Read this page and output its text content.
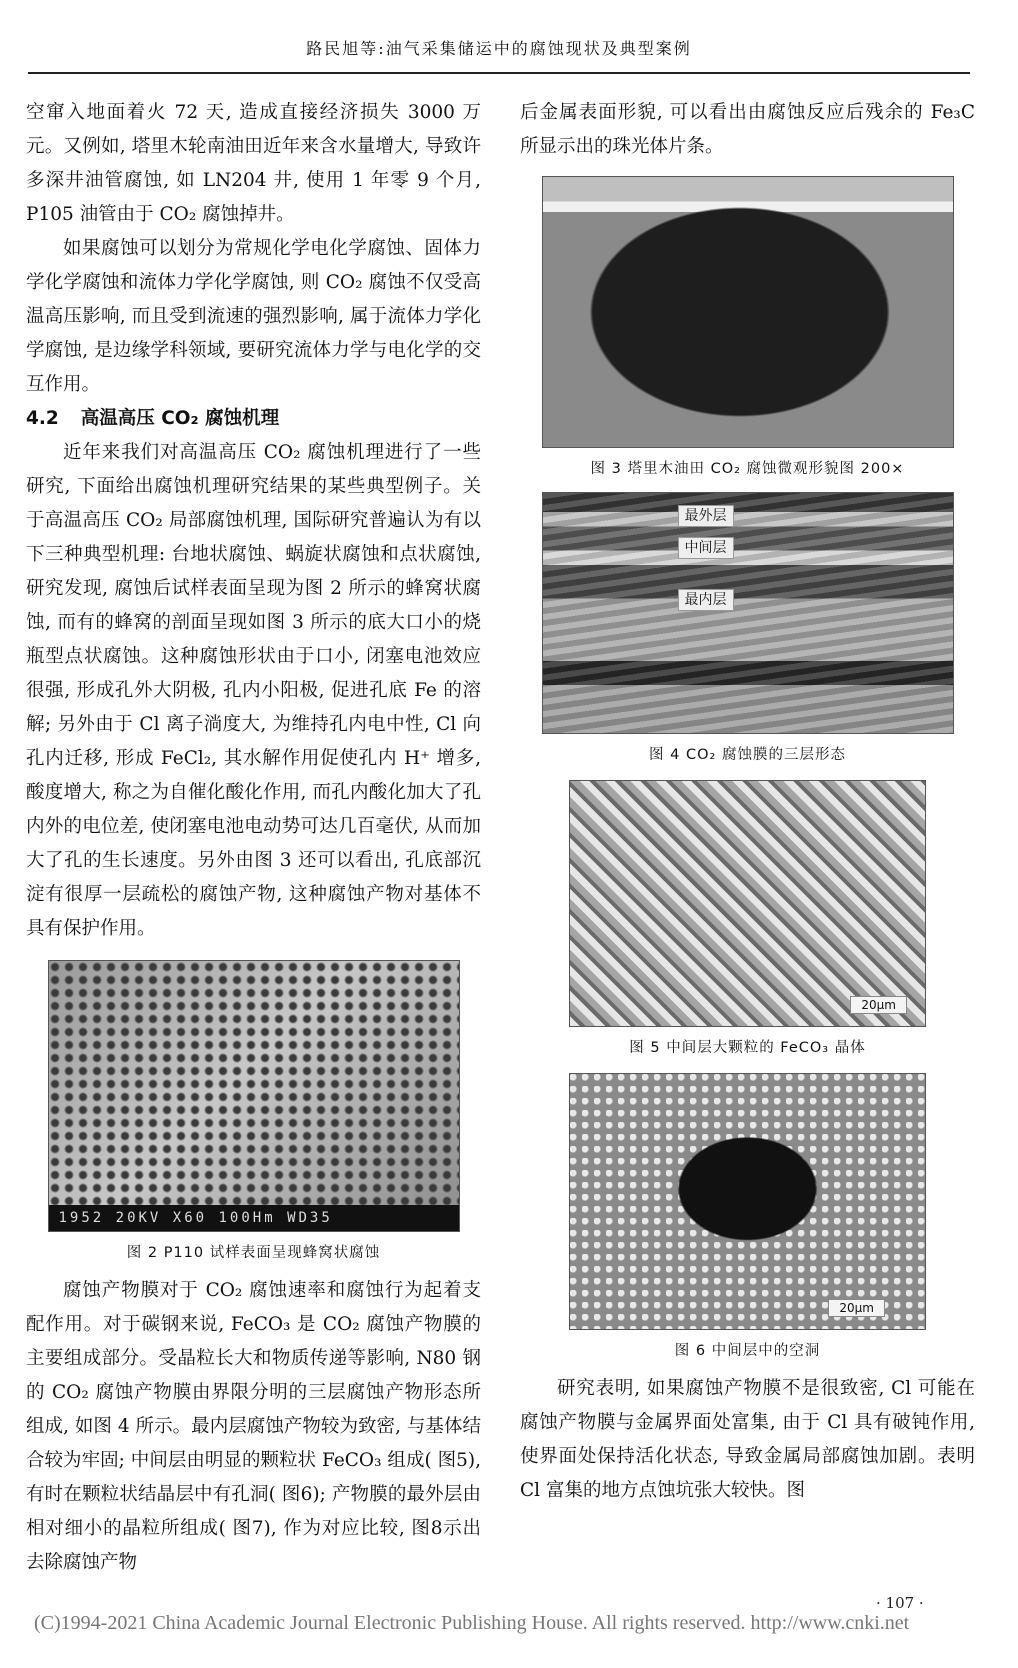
路民旭等:油气采集储运中的腐蚀现状及典型案例

空窜入地面着火 72 天, 造成直接经济损失 3000 万元。又例如, 塔里木轮南油田近年来含水量增大, 导致许多深井油管腐蚀, 如 LN204 井, 使用 1 年零 9 个月, P105 油管由于 CO₂ 腐蚀掉井。

如果腐蚀可以划分为常规化学电化学腐蚀、固体力学化学腐蚀和流体力学化学腐蚀, 则 CO₂ 腐蚀不仅受高温高压影响, 而且受到流速的强烈影响, 属于流体力学化学腐蚀, 是边缘学科领域, 要研究流体力学与电化学的交互作用。

4.2 高温高压 CO₂ 腐蚀机理

近年来我们对高温高压 CO₂ 腐蚀机理进行了一些研究, 下面给出腐蚀机理研究结果的某些典型例子。关于高温高压 CO₂ 局部腐蚀机理, 国际研究普遍认为有以下三种典型机理: 台地状腐蚀、蜗旋状腐蚀和点状腐蚀, 研究发现, 腐蚀后试样表面呈现为图 2 所示的蜂窝状腐蚀, 而有的蜂窝的剖面呈现如图 3 所示的底大口小的烧瓶型点状腐蚀。这种腐蚀形状由于口小, 闭塞电池效应很强, 形成孔外大阴极, 孔内小阳极, 促进孔底 Fe 的溶解; 另外由于 Cl 离子淌度大, 为维持孔内电中性, Cl 向孔内迁移, 形成 FeCl₂, 其水解作用促使孔内 H⁺ 增多, 酸度增大, 称之为自催化酸化作用, 而孔内酸化加大了孔内外的电位差, 使闭塞电池电动势可达几百毫伏, 从而加大了孔的生长速度。另外由图 3 还可以看出, 孔底部沉淀有很厚一层疏松的腐蚀产物, 这种腐蚀产物对基体不具有保护作用。

1952 20KV X60 100Hm WD35
图 2 P110 试样表面呈现蜂窝状腐蚀

腐蚀产物膜对于 CO₂ 腐蚀速率和腐蚀行为起着支配作用。对于碳钢来说, FeCO₃ 是 CO₂ 腐蚀产物膜的主要组成部分。受晶粒长大和物质传递等影响, N80 钢的 CO₂ 腐蚀产物膜由界限分明的三层腐蚀产物形态所组成, 如图 4 所示。最内层腐蚀产物较为致密, 与基体结合较为牢固; 中间层由明显的颗粒状 FeCO₃ 组成( 图5), 有时在颗粒状结晶层中有孔洞( 图6); 产物膜的最外层由相对细小的晶粒所组成( 图7), 作为对应比较, 图8示出去除腐蚀产物

后金属表面形貌, 可以看出由腐蚀反应后残余的 Fe₃C 所显示出的珠光体片条。

图 3 塔里木油田 CO₂ 腐蚀微观形貌图 200×
最外层
中间层
最内层
图 4 CO₂ 腐蚀膜的三层形态
20μm
图 5 中间层大颗粒的 FeCO₃ 晶体
20μm
图 6 中间层中的空洞

研究表明, 如果腐蚀产物膜不是很致密, Cl 可能在腐蚀产物膜与金属界面处富集, 由于 Cl 具有破钝作用, 使界面处保持活化状态, 导致金属局部腐蚀加剧。表明Cl 富集的地方点蚀坑张大较快。图

· 107 ·
(C)1994-2021 China Academic Journal Electronic Publishing House. All rights reserved. http://www.cnki.net
